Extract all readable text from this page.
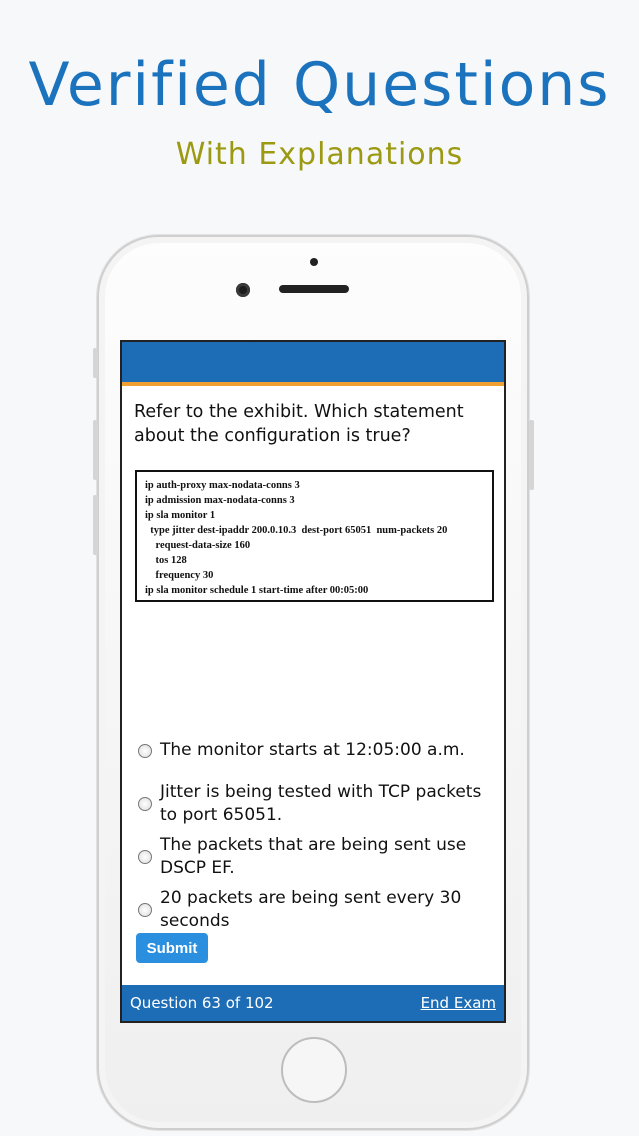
Verified Questions
With Explanations
Refer to the exhibit. Which statement about the configuration is true?
ip auth-proxy max-nodata-conns 3
ip admission max-nodata-conns 3
ip sla monitor 1
type jitter dest-ipaddr 200.0.10.3  dest-port 65051  num-packets 20
request-data-size 160
tos 128
frequency 30
ip sla monitor schedule 1 start-time after 00:05:00
The monitor starts at 12:05:00 a.m.
Jitter is being tested with TCP packets to port 65051.
The packets that are being sent use DSCP EF.
20 packets are being sent every 30 seconds
Submit
Question 63 of 102	End Exam
